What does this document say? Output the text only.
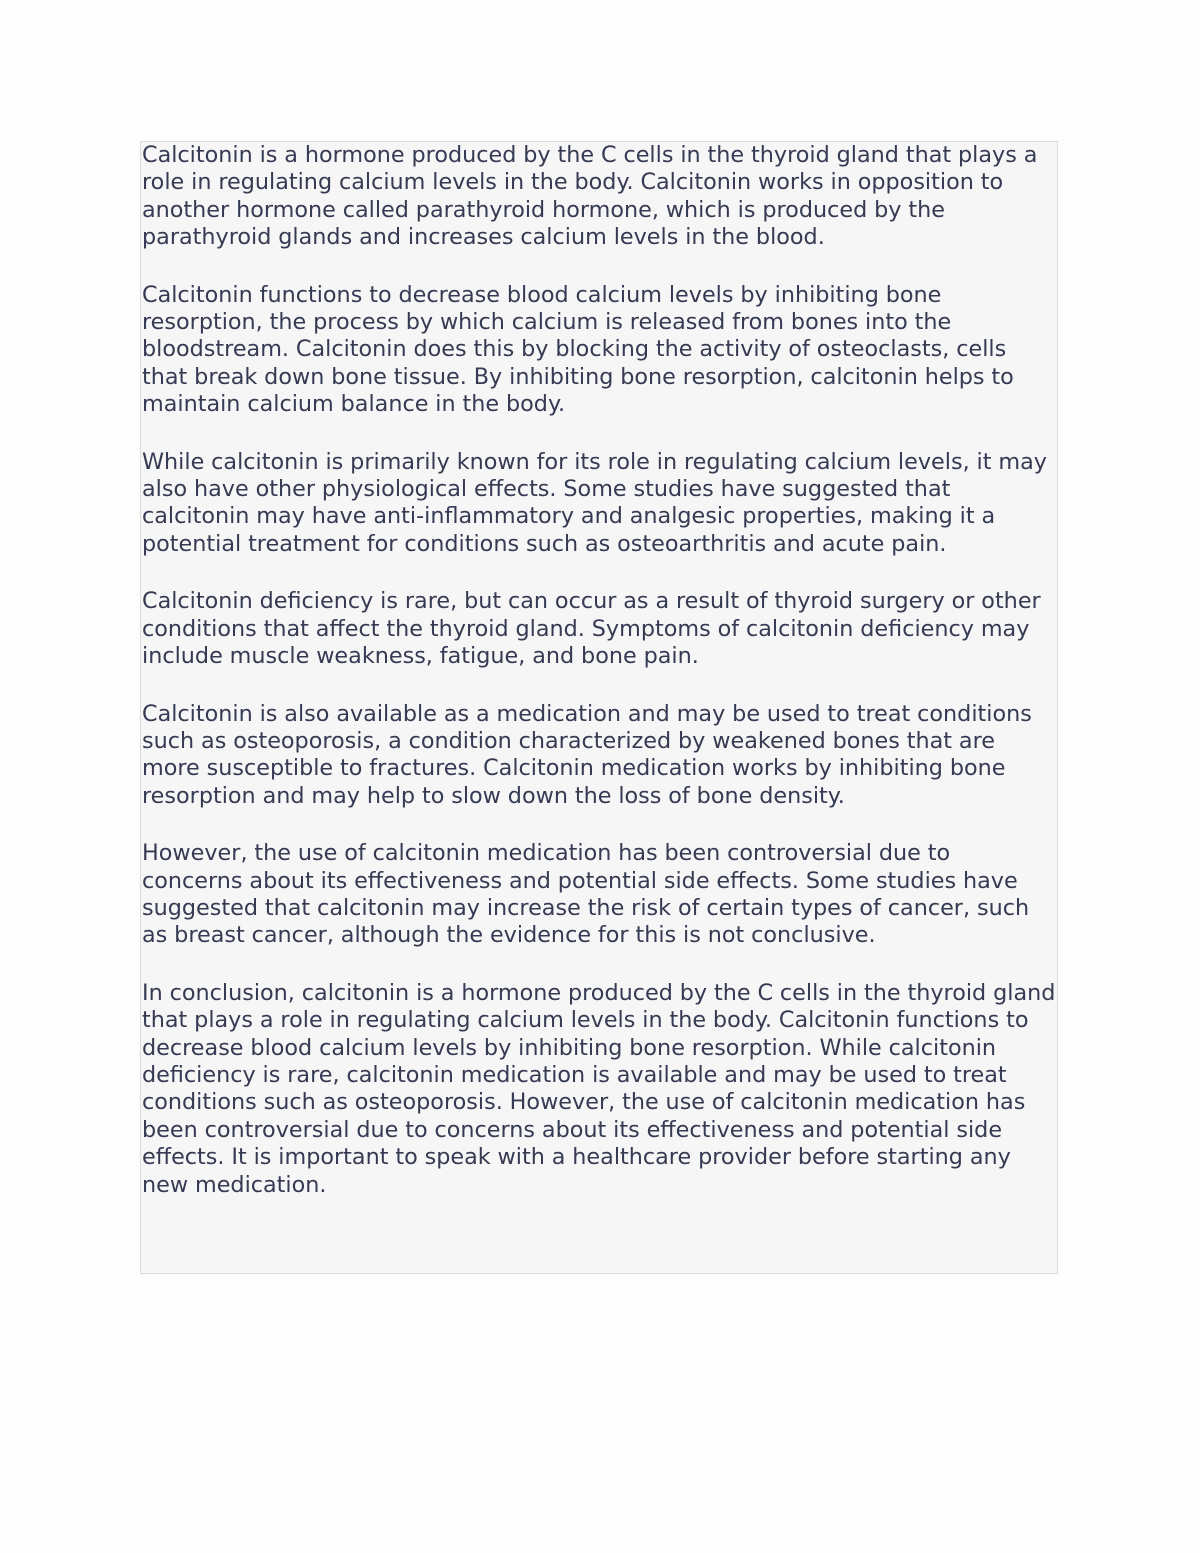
Calcitonin is a hormone produced by the C cells in the thyroid gland that plays a role in regulating calcium levels in the body. Calcitonin works in opposition to another hormone called parathyroid hormone, which is produced by the parathyroid glands and increases calcium levels in the blood.

Calcitonin functions to decrease blood calcium levels by inhibiting bone resorption, the process by which calcium is released from bones into the bloodstream. Calcitonin does this by blocking the activity of osteoclasts, cells that break down bone tissue. By inhibiting bone resorption, calcitonin helps to maintain calcium balance in the body.

While calcitonin is primarily known for its role in regulating calcium levels, it may also have other physiological effects. Some studies have suggested that calcitonin may have anti-inflammatory and analgesic properties, making it a potential treatment for conditions such as osteoarthritis and acute pain.

Calcitonin deficiency is rare, but can occur as a result of thyroid surgery or other conditions that affect the thyroid gland. Symptoms of calcitonin deficiency may include muscle weakness, fatigue, and bone pain.

Calcitonin is also available as a medication and may be used to treat conditions such as osteoporosis, a condition characterized by weakened bones that are more susceptible to fractures. Calcitonin medication works by inhibiting bone resorption and may help to slow down the loss of bone density.

However, the use of calcitonin medication has been controversial due to concerns about its effectiveness and potential side effects. Some studies have suggested that calcitonin may increase the risk of certain types of cancer, such as breast cancer, although the evidence for this is not conclusive.

In conclusion, calcitonin is a hormone produced by the C cells in the thyroid gland that plays a role in regulating calcium levels in the body. Calcitonin functions to decrease blood calcium levels by inhibiting bone resorption. While calcitonin deficiency is rare, calcitonin medication is available and may be used to treat conditions such as osteoporosis. However, the use of calcitonin medication has been controversial due to concerns about its effectiveness and potential side effects. It is important to speak with a healthcare provider before starting any new medication.
